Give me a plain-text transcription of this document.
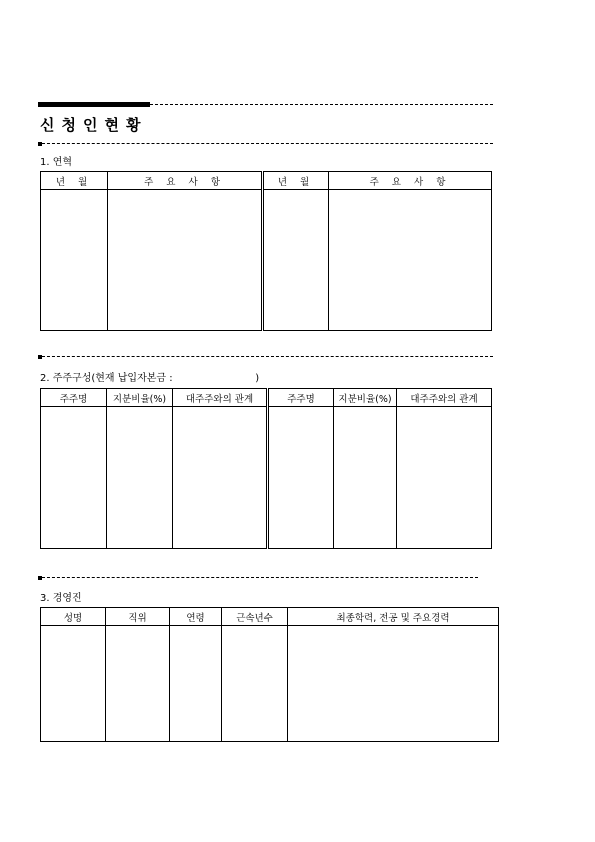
신청인현황
1. 연혁
년 월	주 요 사 항	년 월	주 요 사 항

2. 주주구성(현재 납입자본금 :                          )
주주명	지분비율(%)	대주주와의 관계	주주명	지분비율(%)	대주주와의 관계

3. 경영진
성명	직위	연령	근속년수	최종학력, 전공 및 주요경력
